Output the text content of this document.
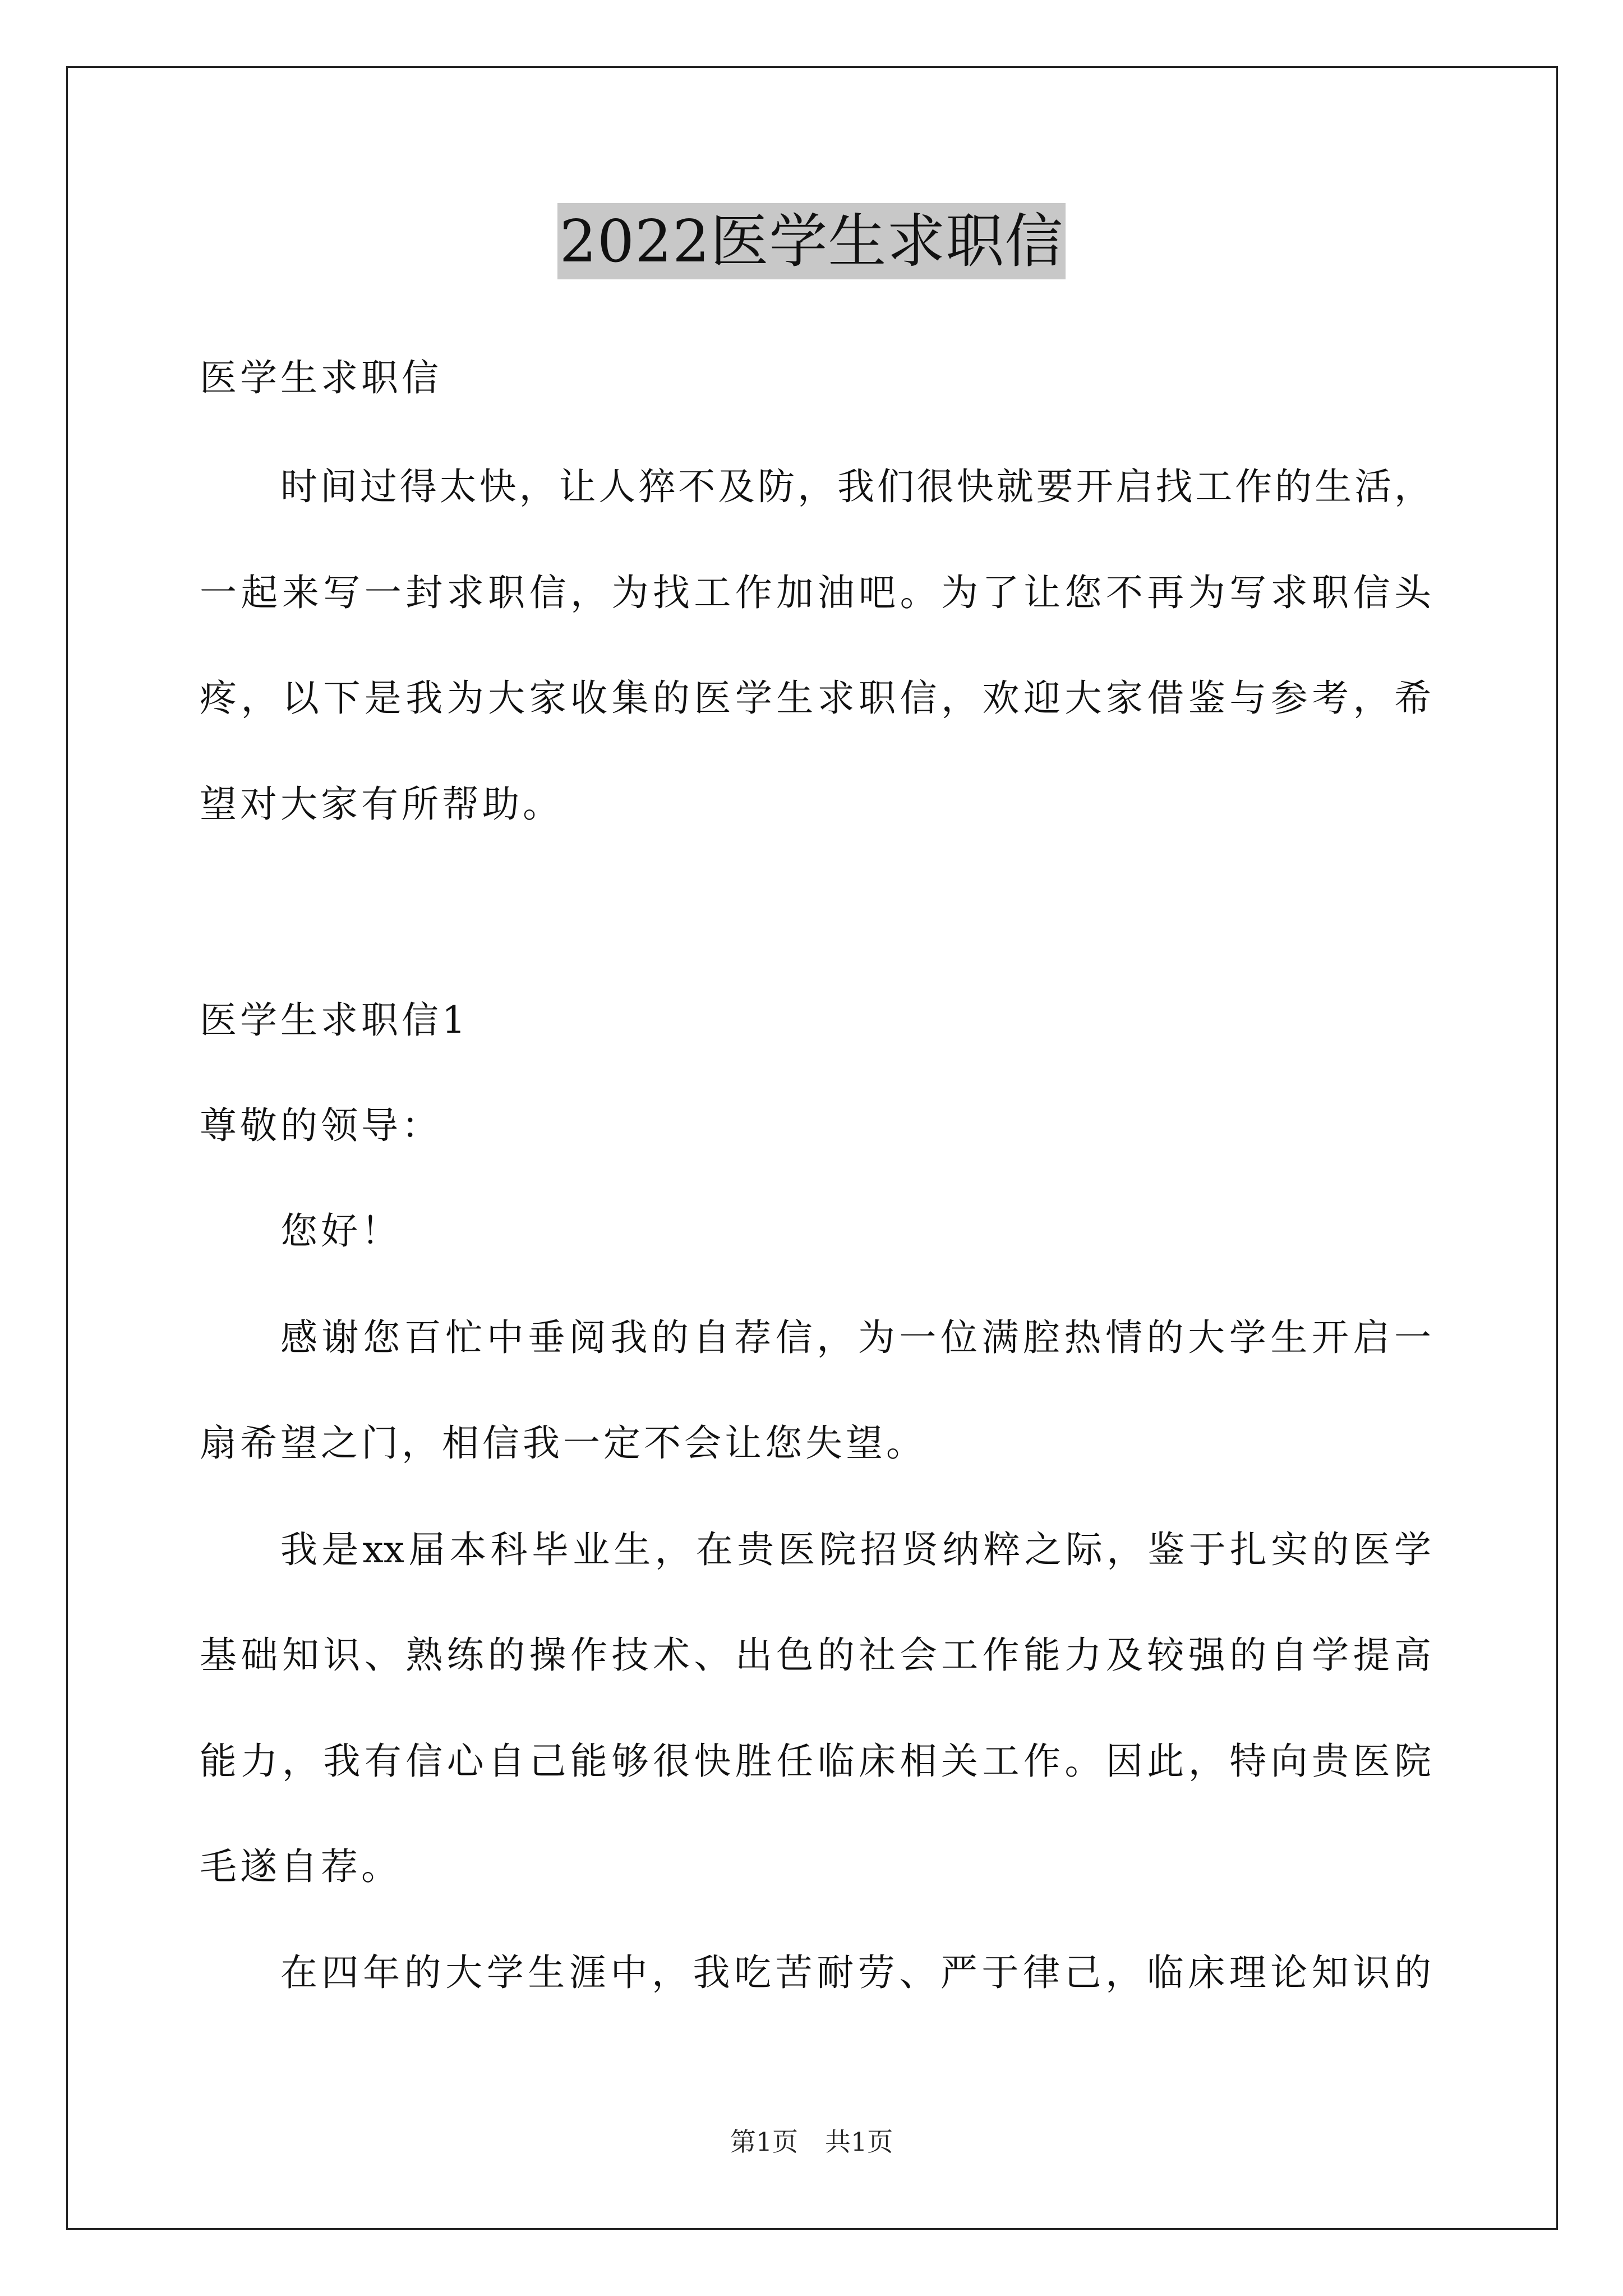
2022医学生求职信
医学生求职信
时间过得太快，让人猝不及防，我们很快就要开启找工作的生活，
一起来写一封求职信，为找工作加油吧。为了让您不再为写求职信头
疼，以下是我为大家收集的医学生求职信，欢迎大家借鉴与参考，希
望对大家有所帮助。
医学生求职信1
尊敬的领导：
您好！
感谢您百忙中垂阅我的自荐信，为一位满腔热情的大学生开启一
扇希望之门，相信我一定不会让您失望。
我是xx届本科毕业生，在贵医院招贤纳粹之际，鉴于扎实的医学
基础知识、熟练的操作技术、出色的社会工作能力及较强的自学提高
能力，我有信心自己能够很快胜任临床相关工作。因此，特向贵医院
毛遂自荐。
在四年的大学生涯中，我吃苦耐劳、严于律己，临床理论知识的
第1页 共1页
